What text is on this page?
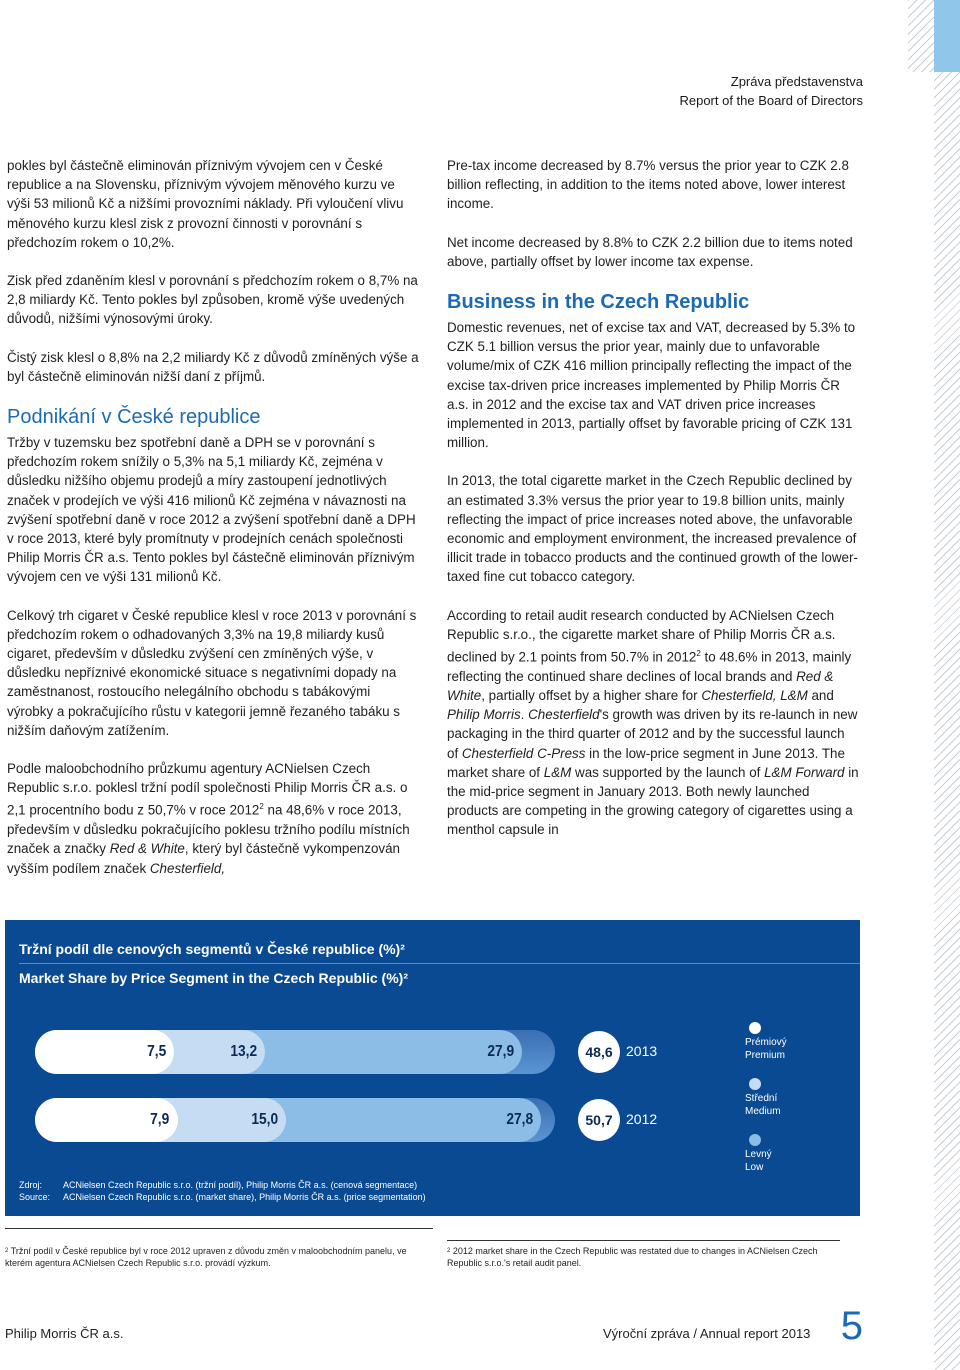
Zpráva představenstva
Report of the Board of Directors

pokles byl částečně eliminován příznivým vývojem cen v České republice a na Slovensku, příznivým vývojem měnového kurzu ve výši 53 milionů Kč a nižšími provozními náklady. Při vyloučení vlivu měnového kurzu klesl zisk z provozní činnosti v porovnání s předchozím rokem o 10,2%.

Zisk před zdaněním klesl v porovnání s předchozím rokem o 8,7% na 2,8 miliardy Kč. Tento pokles byl způsoben, kromě výše uvedených důvodů, nižšími výnosovými úroky.

Čistý zisk klesl o 8,8% na 2,2 miliardy Kč z důvodů zmíněných výše a byl částečně eliminován nižší daní z příjmů.

Podnikání v České republice

Tržby v tuzemsku bez spotřební daně a DPH se v porovnání s předchozím rokem snížily o 5,3% na 5,1 miliardy Kč, zejména v důsledku nižšího objemu prodejů a míry zastoupení jednotlivých značek v prodejích ve výši 416 milionů Kč zejména v návaznosti na zvýšení spotřební daně v roce 2012 a zvýšení spotřební daně a DPH v roce 2013, které byly promítnuty v prodejních cenách společnosti Philip Morris ČR a.s. Tento pokles byl částečně eliminován příznivým vývojem cen ve výši 131 milionů Kč.

Celkový trh cigaret v České republice klesl v roce 2013 v porovnání s předchozím rokem o odhadovaných 3,3% na 19,8 miliardy kusů cigaret, především v důsledku zvýšení cen zmíněných výše, v důsledku nepříznivé ekonomické situace s negativními dopady na zaměstnanost, rostoucího nelegálního obchodu s tabákovými výrobky a pokračujícího růstu v kategorii jemně řezaného tabáku s nižším daňovým zatížením.

Podle maloobchodního průzkumu agentury ACNielsen Czech Republic s.r.o. poklesl tržní podíl společnosti Philip Morris ČR a.s. o 2,1 procentního bodu z 50,7% v roce 2012$^2$ na 48,6% v roce 2013, především v důsledku pokračujícího poklesu tržního podílu místních značek a značky Red & White, který byl částečně vykompenzován vyšším podílem značek Chesterfield,

Pre-tax income decreased by 8.7% versus the prior year to CZK 2.8 billion reflecting, in addition to the items noted above, lower interest income.

Net income decreased by 8.8% to CZK 2.2 billion due to items noted above, partially offset by lower income tax expense.

Business in the Czech Republic

Domestic revenues, net of excise tax and VAT, decreased by 5.3% to CZK 5.1 billion versus the prior year, mainly due to unfavorable volume/mix of CZK 416 million principally reflecting the impact of the excise tax-driven price increases implemented by Philip Morris ČR a.s. in 2012 and the excise tax and VAT driven price increases implemented in 2013, partially offset by favorable pricing of CZK 131 million.

In 2013, the total cigarette market in the Czech Republic declined by an estimated 3.3% versus the prior year to 19.8 billion units, mainly reflecting the impact of price increases noted above, the unfavorable economic and employment environment, the increased prevalence of illicit trade in tobacco products and the continued growth of the lower-taxed fine cut tobacco category.

According to retail audit research conducted by ACNielsen Czech Republic s.r.o., the cigarette market share of Philip Morris ČR a.s. declined by 2.1 points from 50.7% in 2012$^2$ to 48.6% in 2013, mainly reflecting the continued share declines of local brands and Red & White, partially offset by a higher share for Chesterfield, L&M and Philip Morris. Chesterfield's growth was driven by its re-launch in new packaging in the third quarter of 2012 and by the successful launch of Chesterfield C-Press in the low-price segment in June 2013. The market share of L&M was supported by the launch of L&M Forward in the mid-price segment in January 2013. Both newly launched products are competing in the growing category of cigarettes using a menthol capsule in

Tržní podíl dle cenových segmentů v České republice (%)²
Market Share by Price Segment in the Czech Republic (%)²
27,9
13,2
7,5	48,6 2013
27,8
15,0
7,9	50,7 2012
Prémiový
Premium
Střední
Medium
Levný
Low
Zdroj: ACNielsen Czech Republic s.r.o. (tržní podíl), Philip Morris ČR a.s. (cenová segmentace)
Source: ACNielsen Czech Republic s.r.o. (market share), Philip Morris ČR a.s. (price segmentation)
$^2$ Tržní podíl v České republice byl v roce 2012 upraven z důvodu změn v maloobchodním panelu, ve kterém agentura ACNielsen Czech Republic s.r.o. provádí výzkum.
$^2$ 2012 market share in the Czech Republic was restated due to changes in ACNielsen Czech Republic s.r.o.'s retail audit panel.
Philip Morris ČR a.s.	Výroční zpráva / Annual report 2013 5
